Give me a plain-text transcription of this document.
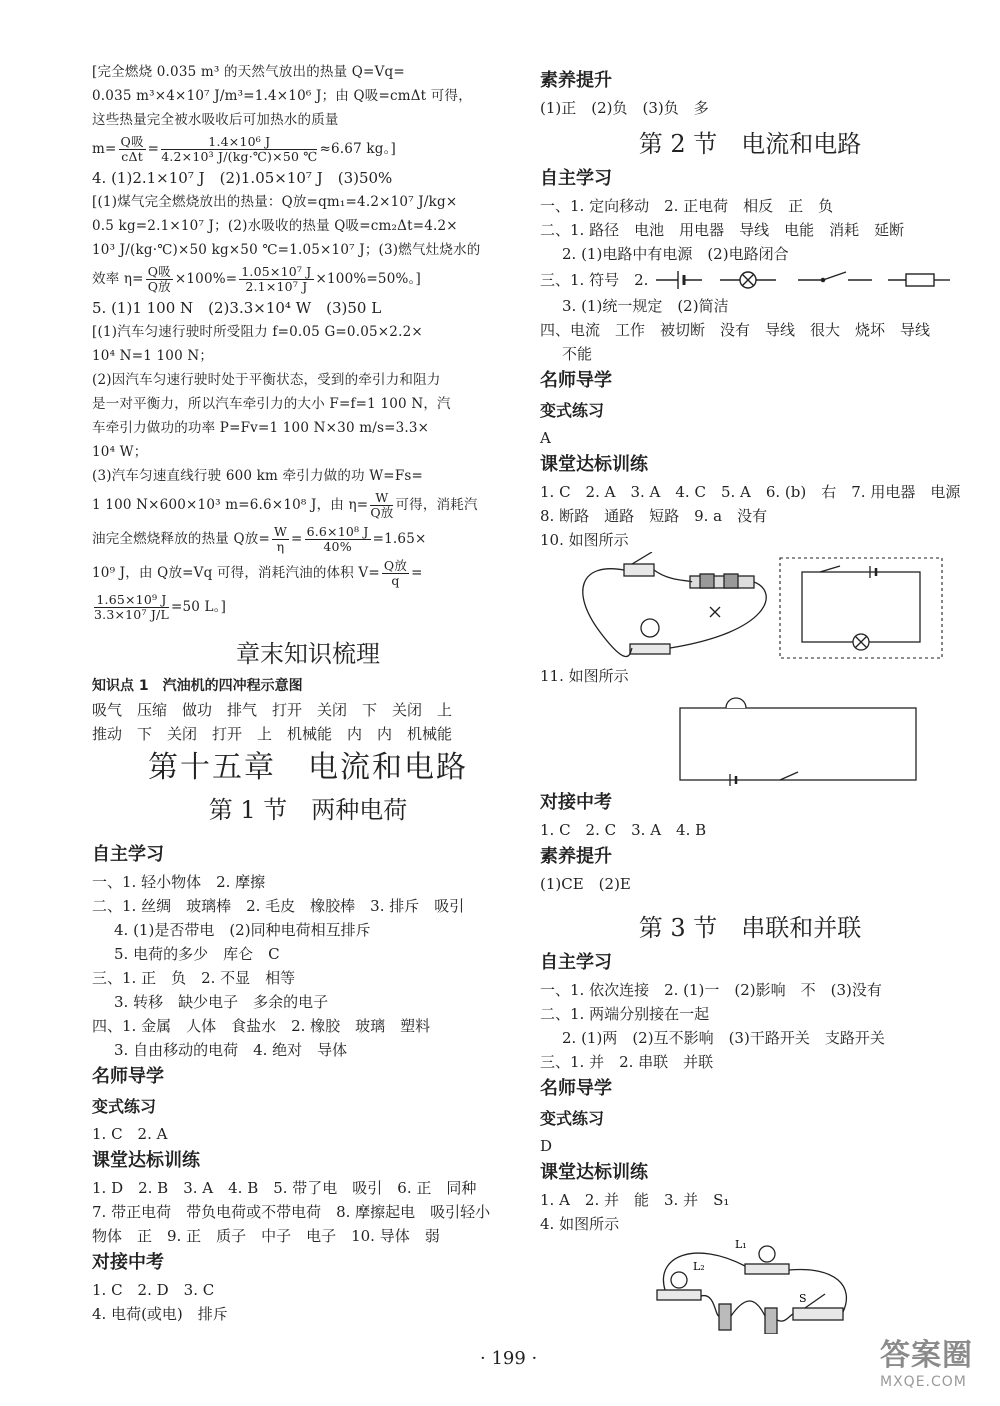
[完全燃烧 0.035 m³ 的天然气放出的热量 Q=Vq=
0.035 m³×4×10⁷ J/m³=1.4×10⁶ J；由 Q吸=cmΔt 可得，
这些热量完全被水吸收后可加热水的质量
$m= \frac{\text{Q吸}}{\text{cΔt}} = \frac{\text{1.4×10⁶ J}}{\text{4.2×10³ J/(kg·℃)×50 ℃}} \approx 6.67$ kg。]
4. (1)2.1×10⁷ J　(2)1.05×10⁷ J　(3)50%
[(1)煤气完全燃烧放出的热量：Q放=qm₁=4.2×10⁷ J/kg×
0.5 kg=2.1×10⁷ J；(2)水吸收的热量 Q吸=cm₂Δt=4.2×
10³ J/(kg·℃)×50 kg×50 ℃=1.05×10⁷ J；(3)燃气灶烧水的
效率 $\eta= \frac{\text{Q吸}}{\text{Q放}} \times 100\%= \frac{\text{1.05×10⁷ J}}{\text{2.1×10⁷ J}} \times 100\%=50\%$。]
5. (1)1 100 N　(2)3.3×10⁴ W　(3)50 L
[(1)汽车匀速行驶时所受阻力 f=0.05 G=0.05×2.2×
10⁴ N=1 100 N；
(2)因汽车匀速行驶时处于平衡状态，受到的牵引力和阻力
是一对平衡力，所以汽车牵引力的大小 F=f=1 100 N，汽
车牵引力做功的功率 P=Fv=1 100 N×30 m/s=3.3×
10⁴ W；
(3)汽车匀速直线行驶 600 km 牵引力做的功 W=Fs=
1 100 N×600×10³ m=6.6×10⁸ J，由 $\eta= \frac{W}{\text{Q放}}$ 可得，消耗汽
油完全燃烧释放的热量 Q放= $\frac{W}{\eta} = \frac{\text{6.6×10⁸ J}}{40\%} =1.65\times$
10⁹ J，由 Q放=Vq 可得，消耗汽油的体积 $V= \frac{\text{Q放}}{q}$ =
$\frac{\text{1.65×10⁹ J}}{\text{3.3×10⁷ J/L}} =50$ L。]
章末知识梳理
知识点 1　汽油机的四冲程示意图
吸气　压缩　做功　排气　打开　关闭　下　关闭　上
推动　下　关闭　打开　上　机械能　内　内　机械能
第十五章　电流和电路
第 1 节　两种电荷
自主学习
一、1. 轻小物体　2. 摩擦
二、1. 丝绸　玻璃棒　2. 毛皮　橡胶棒　3. 排斥　吸引
4. (1)是否带电　(2)同种电荷相互排斥
5. 电荷的多少　库仑　C
三、1. 正　负　2. 不显　相等
3. 转移　缺少电子　多余的电子
四、1. 金属　人体　食盐水　2. 橡胶　玻璃　塑料
3. 自由移动的电荷　4. 绝对　导体
名师导学
变式练习
1. C　2. A
课堂达标训练
1. D　2. B　3. A　4. B　5. 带了电　吸引　6. 正　同种
7. 带正电荷　带负电荷或不带电荷　8. 摩擦起电　吸引轻小
物体　正　9. 正　质子　中子　电子　10. 导体　弱
对接中考
1. C　2. D　3. C
4. 电荷(或电)　排斥
素养提升
(1)正　(2)负　(3)负　多
第 2 节　电流和电路
自主学习
一、1. 定向移动　2. 正电荷　相反　正　负
二、1. 路径　电池　用电器　导线　电能　消耗　延断
2. (1)电路中有电源　(2)电路闭合
三、1. 符号　2.
3. (1)统一规定　(2)简洁
四、电流　工作　被切断　没有　导线　很大　烧坏　导线
不能
名师导学
变式练习
A
课堂达标训练
1. C　2. A　3. A　4. C　5. A　6. (b)　右　7. 用电器　电源
8. 断路　通路　短路　9. a　没有
10. 如图所示
11. 如图所示
对接中考
1. C　2. C　3. A　4. B
素养提升
(1)CE　(2)E
第 3 节　串联和并联
自主学习
一、1. 依次连接　2. (1)一　(2)影响　不　(3)没有
二、1. 两端分别接在一起
2. (1)两　(2)互不影响　(3)干路开关　支路开关
三、1. 并　2. 串联　并联
名师导学
变式练习
D
课堂达标训练
1. A　2. 并　能　3. 并　S₁
4. 如图所示
L₁
L₂
S
· 199 ·	答案圈
MXQE.COM
